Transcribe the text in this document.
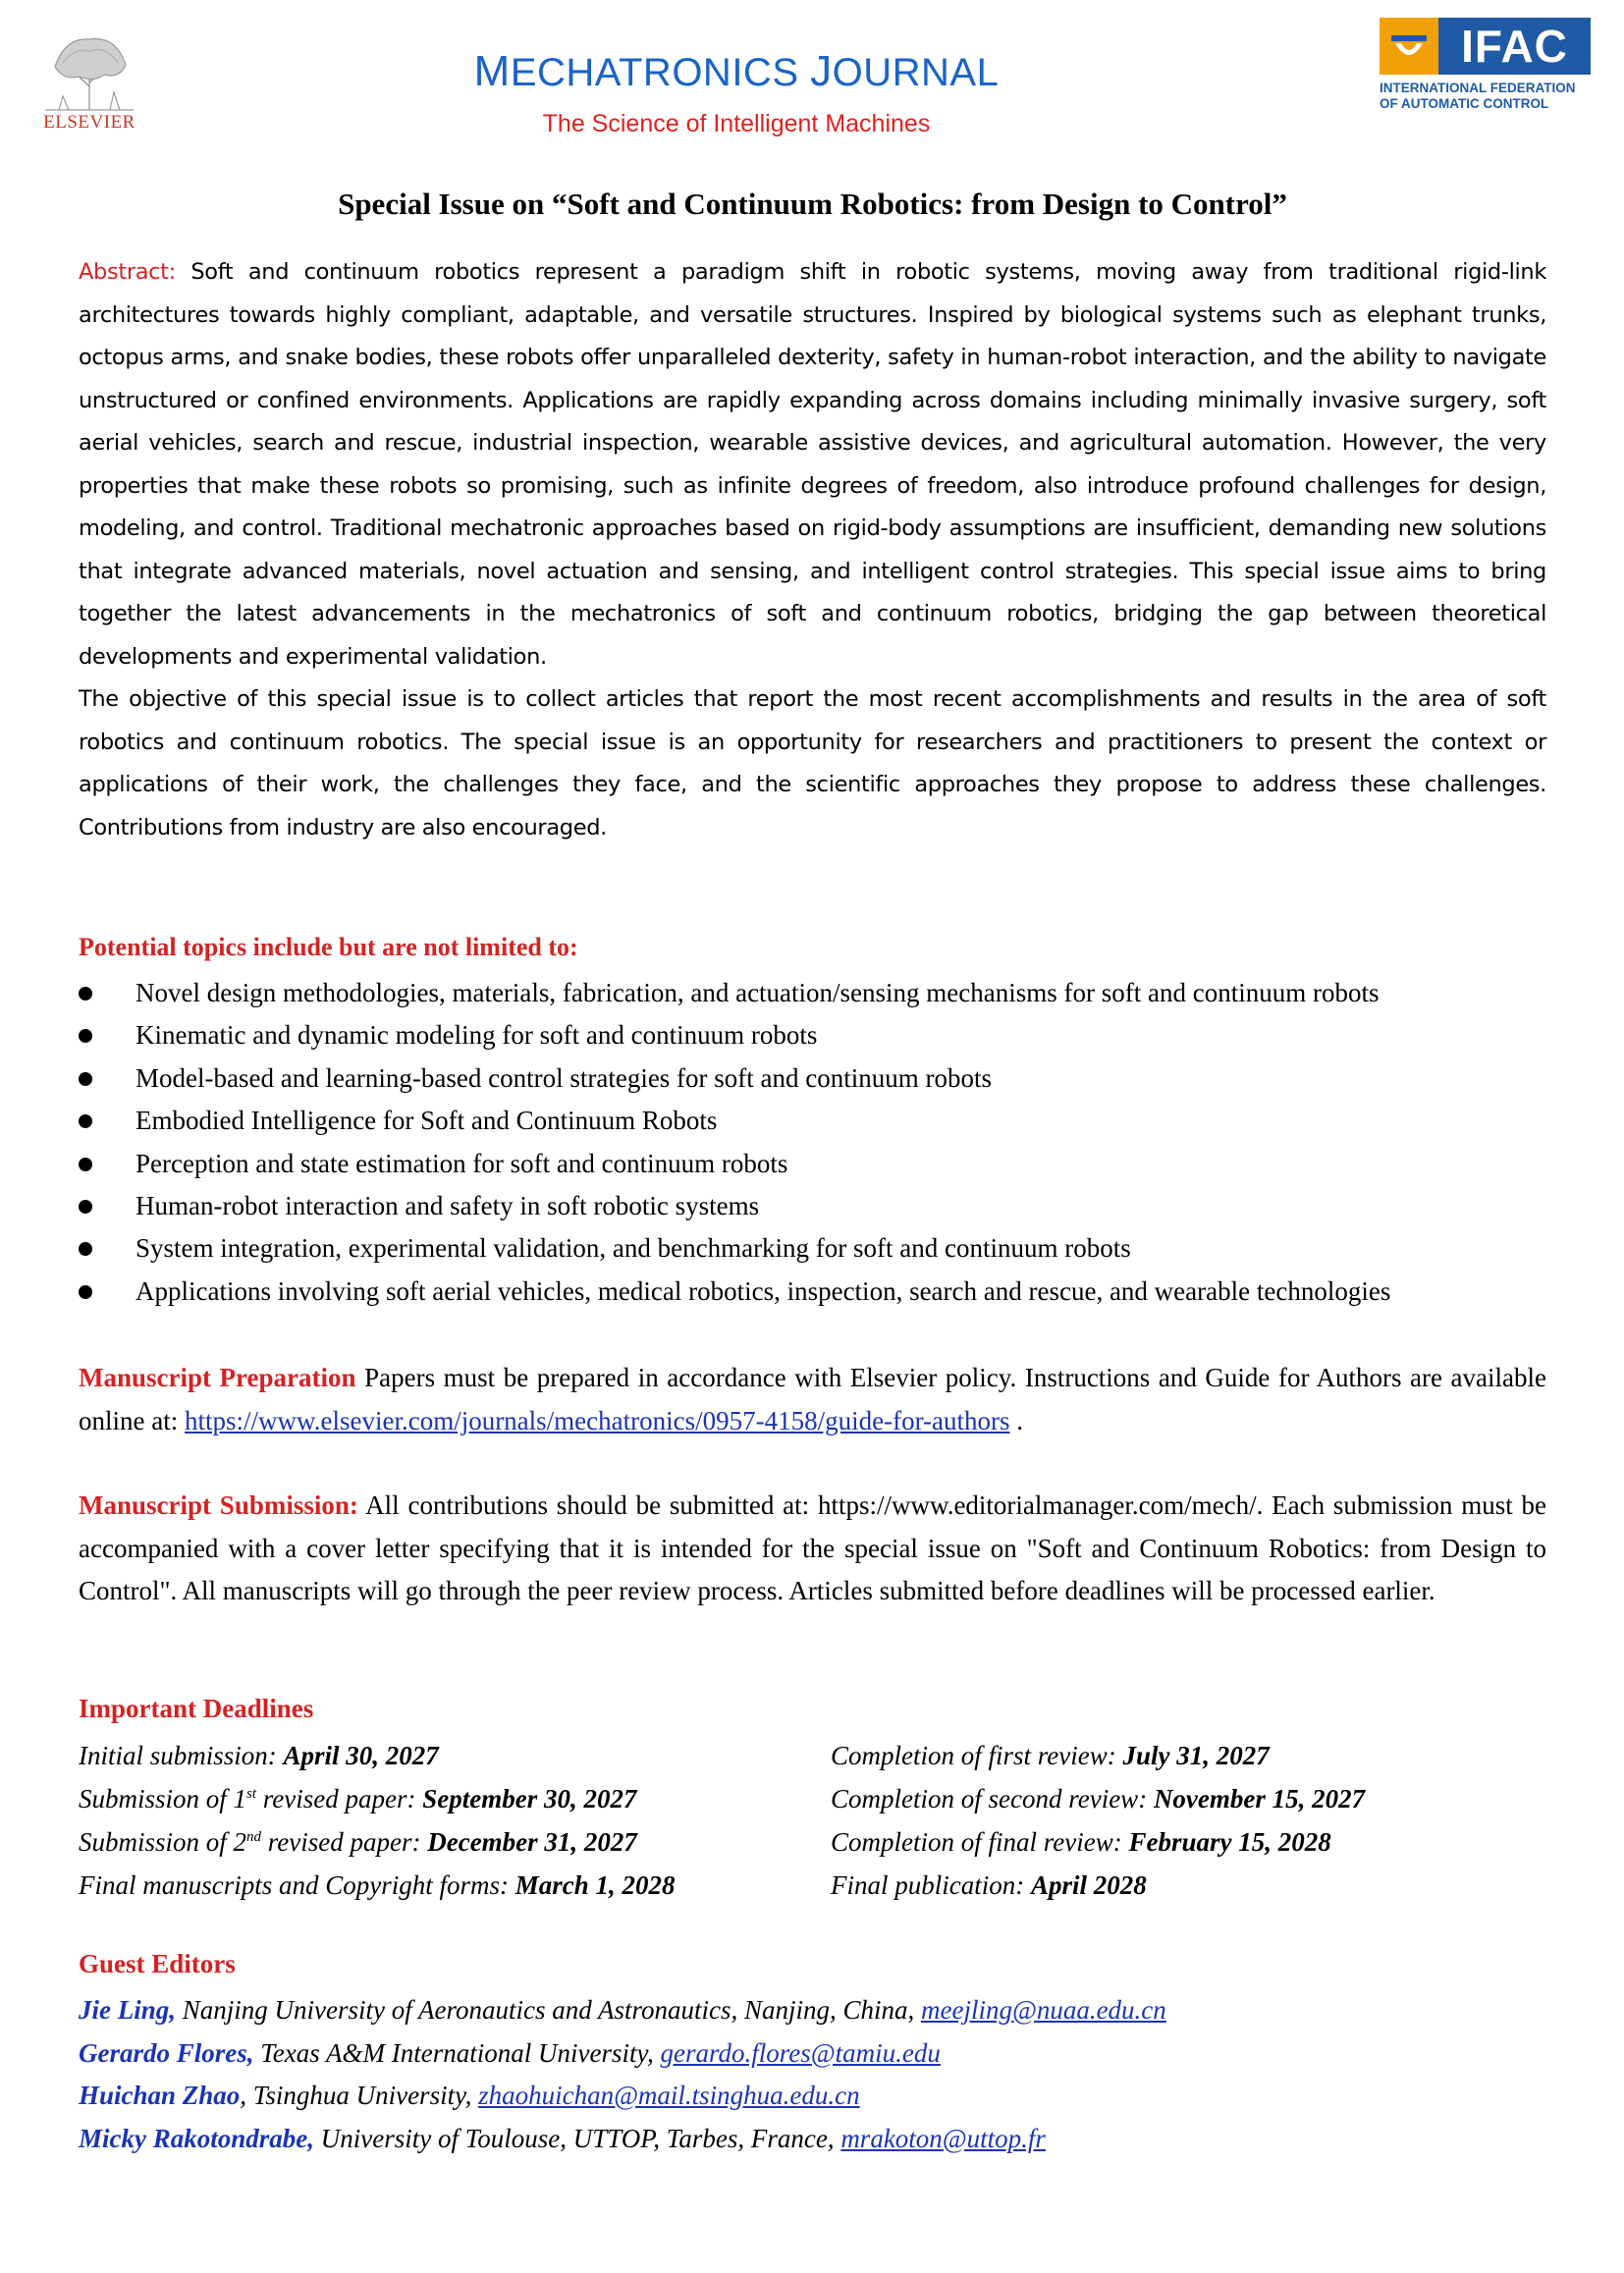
ELSEVIER
MECHATRONICS JOURNAL
The Science of Intelligent Machines
IFAC
INTERNATIONAL FEDERATION
OF AUTOMATIC CONTROL
Special Issue on “Soft and Continuum Robotics: from Design to Control”

Abstract: Soft and continuum robotics represent a paradigm shift in robotic systems, moving away from traditional rigid-link architectures towards highly compliant, adaptable, and versatile structures. Inspired by biological systems such as elephant trunks, octopus arms, and snake bodies, these robots offer unparalleled dexterity, safety in human-robot interaction, and the ability to navigate unstructured or confined environments. Applications are rapidly expanding across domains including minimally invasive surgery, soft aerial vehicles, search and rescue, industrial inspection, wearable assistive devices, and agricultural automation. However, the very properties that make these robots so promising, such as infinite degrees of freedom, also introduce profound challenges for design, modeling, and control. Traditional mechatronic approaches based on rigid-body assumptions are insufficient, demanding new solutions that integrate advanced materials, novel actuation and sensing, and intelligent control strategies. This special issue aims to bring together the latest advancements in the mechatronics of soft and continuum robotics, bridging the gap between theoretical developments and experimental validation.

The objective of this special issue is to collect articles that report the most recent accomplishments and results in the area of soft robotics and continuum robotics. The special issue is an opportunity for researchers and practitioners to present the context or applications of their work, the challenges they face, and the scientific approaches they propose to address these challenges. Contributions from industry are also encouraged.

Potential topics include but are not limited to:
Novel design methodologies, materials, fabrication, and actuation/sensing mechanisms for soft and continuum robots
Kinematic and dynamic modeling for soft and continuum robots
Model-based and learning-based control strategies for soft and continuum robots
Embodied Intelligence for Soft and Continuum Robots
Perception and state estimation for soft and continuum robots
Human-robot interaction and safety in soft robotic systems
System integration, experimental validation, and benchmarking for soft and continuum robots
Applications involving soft aerial vehicles, medical robotics, inspection, search and rescue, and wearable technologies

Manuscript Preparation Papers must be prepared in accordance with Elsevier policy. Instructions and Guide for Authors are available online at: https://www.elsevier.com/journals/mechatronics/0957-4158/guide-for-authors .

Manuscript Submission: All contributions should be submitted at: https://www.editorialmanager.com/mech/. Each submission must be accompanied with a cover letter specifying that it is intended for the special issue on "Soft and Continuum Robotics: from Design to Control". All manuscripts will go through the peer review process. Articles submitted before deadlines will be processed earlier.

Important Deadlines
Initial submission: April 30, 2027	Completion of first review: July 31, 2027
Submission of 1st revised paper: September 30, 2027	Completion of second review: November 15, 2027
Submission of 2nd revised paper: December 31, 2027	Completion of final review: February 15, 2028
Final manuscripts and Copyright forms: March 1, 2028	Final publication: April 2028
Guest Editors
Jie Ling, Nanjing University of Aeronautics and Astronautics, Nanjing, China, meejling@nuaa.edu.cn
Gerardo Flores, Texas A&M International University, gerardo.flores@tamiu.edu
Huichan Zhao, Tsinghua University, zhaohuichan@mail.tsinghua.edu.cn
Micky Rakotondrabe, University of Toulouse, UTTOP, Tarbes, France, mrakoton@uttop.fr
